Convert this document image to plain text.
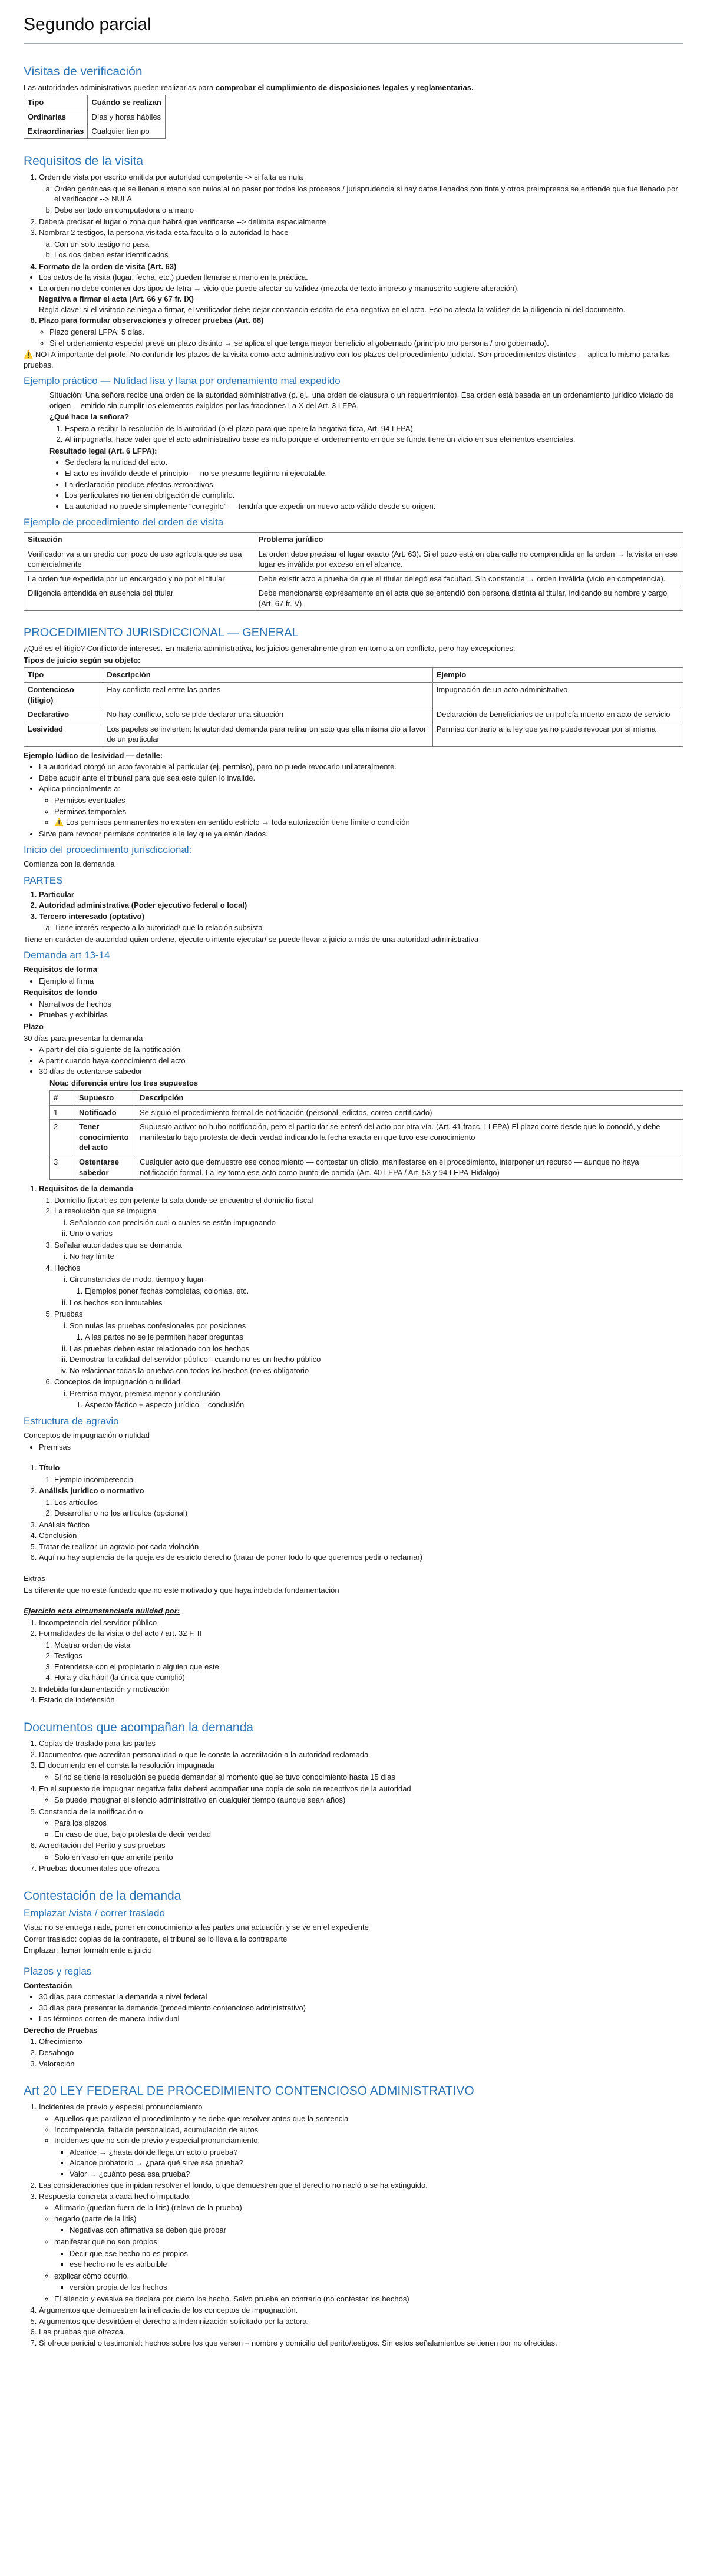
Segundo parcial
Visitas de verificación

Las autoridades administrativas pueden realizarlas para comprobar el cumplimiento de disposiciones legales y reglamentarias.

Tipo	Cuándo se realizan
Ordinarias	Días y horas hábiles
Extraordinarias	Cualquier tiempo
Requisitos de la visita
1. Orden de vista por escrito emitida por autoridad competente -> si falta es nula
a. Orden genéricas que se llenan a mano son nulos al no pasar por todos los procesos / jurisprudencia si hay datos llenados con tinta y otros preimpresos se entiende que fue llenado por el verificador --> NULA
b. Debe ser todo en computadora o a mano
2. Deberá precisar el lugar o zona que habrá que verificarse --> delimita espacialmente
3. Nombrar 2 testigos, la persona visitada esta faculta o la autoridad lo hace
a. Con un solo testigo no pasa
b. Los dos deben estar identificados
4. Formato de la orden de visita (Art. 63)
• Los datos de la visita (lugar, fecha, etc.) pueden llenarse a mano en la práctica.
• La orden no debe contener dos tipos de letra → vicio que puede afectar su validez (mezcla de texto impreso y manuscrito sugiere alteración).
Negativa a firmar el acta (Art. 66 y 67 fr. IX)
Regla clave: si el visitado se niega a firmar, el verificador debe dejar constancia escrita de esa negativa en el acta. Eso no afecta la validez de la diligencia ni del documento.
8. Plazo para formular observaciones y ofrecer pruebas (Art. 68)
◦ Plazo general LFPA: 5 días.
◦ Si el ordenamiento especial prevé un plazo distinto → se aplica el que tenga mayor beneficio al gobernado (principio pro persona / pro gobernado).

⚠️ NOTA importante del profe: No confundir los plazos de la visita como acto administrativo con los plazos del procedimiento judicial. Son procedimientos distintos — aplica lo mismo para las pruebas.

Ejemplo práctico — Nulidad lisa y llana por ordenamiento mal expedido

Situación: Una señora recibe una orden de la autoridad administrativa (p. ej., una orden de clausura o un requerimiento). Esa orden está basada en un ordenamiento jurídico viciado de origen —emitido sin cumplir los elementos exigidos por las fracciones I a X del Art. 3 LFPA.

¿Qué hace la señora?

1. Espera a recibir la resolución de la autoridad (o el plazo para que opere la negativa ficta, Art. 94 LFPA).
2. Al impugnarla, hace valer que el acto administrativo base es nulo porque el ordenamiento en que se funda tiene un vicio en sus elementos esenciales.

Resultado legal (Art. 6 LFPA):

• Se declara la nulidad del acto.
• El acto es inválido desde el principio — no se presume legítimo ni ejecutable.
• La declaración produce efectos retroactivos.
• Los particulares no tienen obligación de cumplirlo.
• La autoridad no puede simplemente "corregirlo" — tendría que expedir un nuevo acto válido desde su origen.
Ejemplo de procedimiento del orden de visita
Situación	Problema jurídico
Verificador va a un predio con pozo de uso agrícola que se usa comercialmente	La orden debe precisar el lugar exacto (Art. 63). Si el pozo está en otra calle no comprendida en la orden → la visita en ese lugar es inválida por exceso en el alcance.
La orden fue expedida por un encargado y no por el titular	Debe existir acto a prueba de que el titular delegó esa facultad. Sin constancia → orden inválida (vicio en competencia).
Diligencia entendida en ausencia del titular	Debe mencionarse expresamente en el acta que se entendió con persona distinta al titular, indicando su nombre y cargo (Art. 67 fr. V).
PROCEDIMIENTO JURISDICCIONAL — GENERAL

¿Qué es el litigio? Conflicto de intereses. En materia administrativa, los juicios generalmente giran en torno a un conflicto, pero hay excepciones:

Tipos de juicio según su objeto:

Tipo	Descripción	Ejemplo
Contencioso (litigio)	Hay conflicto real entre las partes	Impugnación de un acto administrativo
Declarativo	No hay conflicto, solo se pide declarar una situación	Declaración de beneficiarios de un policía muerto en acto de servicio
Lesividad	Los papeles se invierten: la autoridad demanda para retirar un acto que ella misma dio a favor de un particular	Permiso contrario a la ley que ya no puede revocar por sí misma

Ejemplo lúdico de lesividad — detalle:

• La autoridad otorgó un acto favorable al particular (ej. permiso), pero no puede revocarlo unilateralmente.
• Debe acudir ante el tribunal para que sea este quien lo invalide.
• Aplica principalmente a:
◦ Permisos eventuales
◦ Permisos temporales
◦ ⚠️ Los permisos permanentes no existen en sentido estricto → toda autorización tiene límite o condición
• Sirve para revocar permisos contrarios a la ley que ya están dados.
Inicio del procedimiento jurisdiccional:

Comienza con la demanda

PARTES
1. Particular
2. Autoridad administrativa (Poder ejecutivo federal o local)
3. Tercero interesado (optativo)
a. Tiene interés respecto a la autoridad/ que la relación subsista

Tiene en carácter de autoridad quien ordene, ejecute o intente ejecutar/ se puede llevar a juicio a más de una autoridad administrativa

Demanda art 13-14

Requisitos de forma

• Ejemplo al firma

Requisitos de fondo

• Narrativos de hechos
• Pruebas y exhibirlas

Plazo

30 días para presentar la demanda

• A partir del día siguiente de la notificación
• A partir cuando haya conocimiento del acto
• 30 días de ostentarse sabedor

Nota: diferencia entre los tres supuestos

#	Supuesto	Descripción
1	Notificado	Se siguió el procedimiento formal de notificación (personal, edictos, correo certificado)
2	Tener conocimiento del acto	Supuesto activo: no hubo notificación, pero el particular se enteró del acto por otra vía. (Art. 41 fracc. I LFPA) El plazo corre desde que lo conoció, y debe manifestarlo bajo protesta de decir verdad indicando la fecha exacta en que tuvo ese conocimiento
3	Ostentarse sabedor	Cualquier acto que demuestre ese conocimiento — contestar un oficio, manifestarse en el procedimiento, interponer un recurso — aunque no haya notificación formal. La ley toma ese acto como punto de partida (Art. 40 LFPA / Art. 53 y 94 LEPA-Hidalgo)
1. Requisitos de la demanda
1. Domicilio fiscal: es competente la sala donde se encuentro el domicilio fiscal
2. La resolución que se impugna
i. Señalando con precisión cual o cuales se están impugnando
ii. Uno o varios
3. Señalar autoridades que se demanda
i. No hay límite
4. Hechos
i. Circunstancias de modo, tiempo y lugar
1. Ejemplos poner fechas completas, colonias, etc.
ii. Los hechos son inmutables
5. Pruebas
i. Son nulas las pruebas confesionales por posiciones
1. A las partes no se le permiten hacer preguntas
ii. Las pruebas deben estar relacionado con los hechos
iii. Demostrar la calidad del servidor público - cuando no es un hecho público
iv. No relacionar todas la pruebas con todos los hechos (no es obligatorio
6. Conceptos de impugnación o nulidad
i. Premisa mayor, premisa menor y conclusión
1. Aspecto fáctico + aspecto jurídico = conclusión
Estructura de agravio

Conceptos de impugnación o nulidad

• Premisas
1. Título
1. Ejemplo incompetencia
2. Análisis jurídico o normativo
1. Los artículos
2. Desarrollar o no los artículos (opcional)
3. Análisis fáctico
4. Conclusión
5. Tratar de realizar un agravio por cada violación
6. Aquí no hay suplencia de la queja es de estricto derecho (tratar de poner todo lo que queremos pedir o reclamar)

Extras

Es diferente que no esté fundado que no esté motivado y que haya indebida fundamentación

Ejercicio acta circunstanciada nulidad por:

1. Incompetencia del servidor público
2. Formalidades de la visita o del acto / art. 32 F. II
1. Mostrar orden de vista
2. Testigos
3. Entenderse con el propietario o alguien que este
4. Hora y día hábil (la única que cumplió)
3. Indebida fundamentación y motivación
4. Estado de indefensión
Documentos que acompañan la demanda
1. Copias de traslado para las partes
2. Documentos que acreditan personalidad o que le conste la acreditación a la autoridad reclamada
3. El documento en el consta la resolución impugnada
◦ Si no se tiene la resolución se puede demandar al momento que se tuvo conocimiento hasta 15 días
4. En el supuesto de impugnar negativa falta deberá acompañar una copia de solo de receptivos de la autoridad
◦ Se puede impugnar el silencio administrativo en cualquier tiempo (aunque sean años)
5. Constancia de la notificación o
◦ Para los plazos
◦ En caso de que, bajo protesta de decir verdad
6. Acreditación del Perito y sus pruebas
◦ Solo en vaso en que amerite perito
7. Pruebas documentales que ofrezca
Contestación de la demanda
Emplazar /vista / correr traslado

Vista: no se entrega nada, poner en conocimiento a las partes una actuación y se ve en el expediente

Correr traslado: copias de la contrapete, el tribunal se lo lleva a la contraparte

Emplazar: llamar formalmente a juicio

Plazos y reglas

Contestación

• 30 días para contestar la demanda a nivel federal
• 30 días para presentar la demanda (procedimiento contencioso administrativo)
• Los términos corren de manera individual

Derecho de Pruebas

1. Ofrecimiento
2. Desahogo
3. Valoración
Art 20 LEY FEDERAL DE PROCEDIMIENTO CONTENCIOSO ADMINISTRATIVO
1. Incidentes de previo y especial pronunciamiento
◦ Aquellos que paralizan el procedimiento y se debe que resolver antes que la sentencia
◦ Incompetencia, falta de personalidad, acumulación de autos
◦ Incidentes que no son de previo y especial pronunciamiento:
▪ Alcance → ¿hasta dónde llega un acto o prueba?
▪ Alcance probatorio → ¿para qué sirve esa prueba?
▪ Valor → ¿cuánto pesa esa prueba?
2. Las consideraciones que impidan resolver el fondo, o que demuestren que el derecho no nació o se ha extinguido.
3. Respuesta concreta a cada hecho imputado:
◦ Afirmarlo (quedan fuera de la litis) (releva de la prueba)
◦ negarlo (parte de la litis)
▪ Negativas con afirmativa se deben que probar
◦ manifestar que no son propios
▪ Decir que ese hecho no es propios
▪ ese hecho no le es atribuible
◦ explicar cómo ocurrió.
▪ versión propia de los hechos
◦ El silencio y evasiva se declara por cierto los hecho. Salvo prueba en contrario (no contestar los hechos)
4. Argumentos que demuestren la ineficacia de los conceptos de impugnación.
5. Argumentos que desvirtúen el derecho a indemnización solicitado por la actora.
6. Las pruebas que ofrezca.
7. Si ofrece pericial o testimonial: hechos sobre los que versen + nombre y domicilio del perito/testigos. Sin estos señalamientos se tienen por no ofrecidas.
